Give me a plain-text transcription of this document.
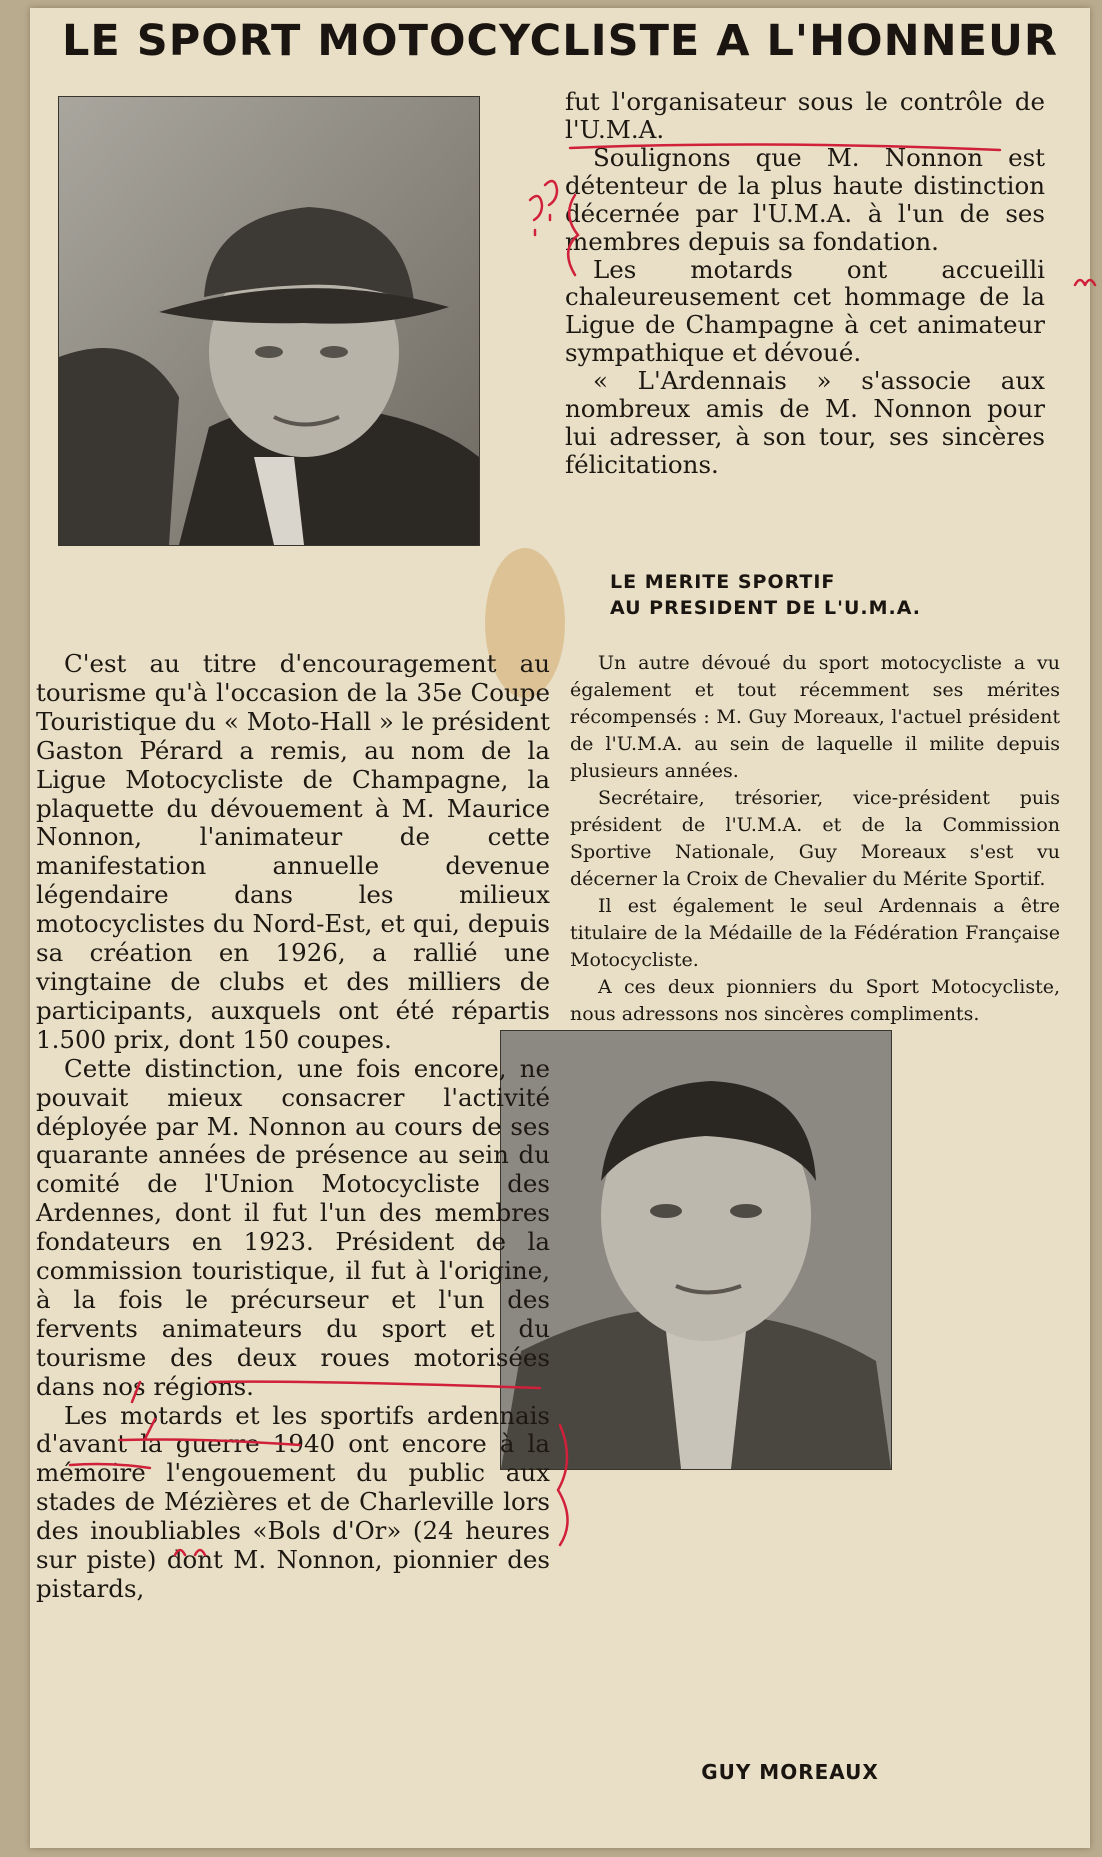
LE SPORT MOTOCYCLISTE A L'HONNEUR

C'est au titre d'encouragement au tourisme qu'à l'occasion de la 35e Coupe Touristique du « Moto-Hall » le président Gaston Pérard a remis, au nom de la Ligue Motocycliste de Champagne, la plaquette du dévouement à M. Maurice Nonnon, l'animateur de cette manifestation annuelle devenue légendaire dans les milieux motocyclistes du Nord-Est, et qui, depuis sa création en 1926, a rallié une vingtaine de clubs et des milliers de participants, auxquels ont été répartis 1.500 prix, dont 150 coupes.

Cette distinction, une fois encore, ne pouvait mieux consacrer l'activité déployée par M. Nonnon au cours de ses quarante années de présence au sein du comité de l'Union Motocycliste des Ardennes, dont il fut l'un des membres fondateurs en 1923. Président de la commission touristique, il fut à l'origine, à la fois le précurseur et l'un des fervents animateurs du sport et du tourisme des deux roues motorisées dans nos régions.

Les motards et les sportifs ardennais d'avant la guerre 1940 ont encore à la mémoire l'engouement du public aux stades de Mézières et de Charleville lors des inoubliables «Bols d'Or» (24 heures sur piste) dont M. Nonnon, pionnier des pistards,

fut l'organisateur sous le contrôle de l'U.M.A.

Soulignons que M. Nonnon est détenteur de la plus haute distinction décernée par l'U.M.A. à l'un de ses membres depuis sa fondation.

Les motards ont accueilli chaleureusement cet hommage de la Ligue de Champagne à cet animateur sympathique et dévoué.

« L'Ardennais » s'associe aux nombreux amis de M. Nonnon pour lui adresser, à son tour, ses sincères félicitations.

LE MERITE SPORTIF
AU PRESIDENT DE L'U.M.A.

Un autre dévoué du sport motocycliste a vu également et tout récemment ses mérites récompensés : M. Guy Moreaux, l'actuel président de l'U.M.A. au sein de laquelle il milite depuis plusieurs années.

Secrétaire, trésorier, vice-président puis président de l'U.M.A. et de la Commission Sportive Nationale, Guy Moreaux s'est vu décerner la Croix de Chevalier du Mérite Sportif.

Il est également le seul Ardennais a être titulaire de la Médaille de la Fédération Française Motocycliste.

A ces deux pionniers du Sport Motocycliste, nous adressons nos sincères compliments.

GUY MOREAUX
